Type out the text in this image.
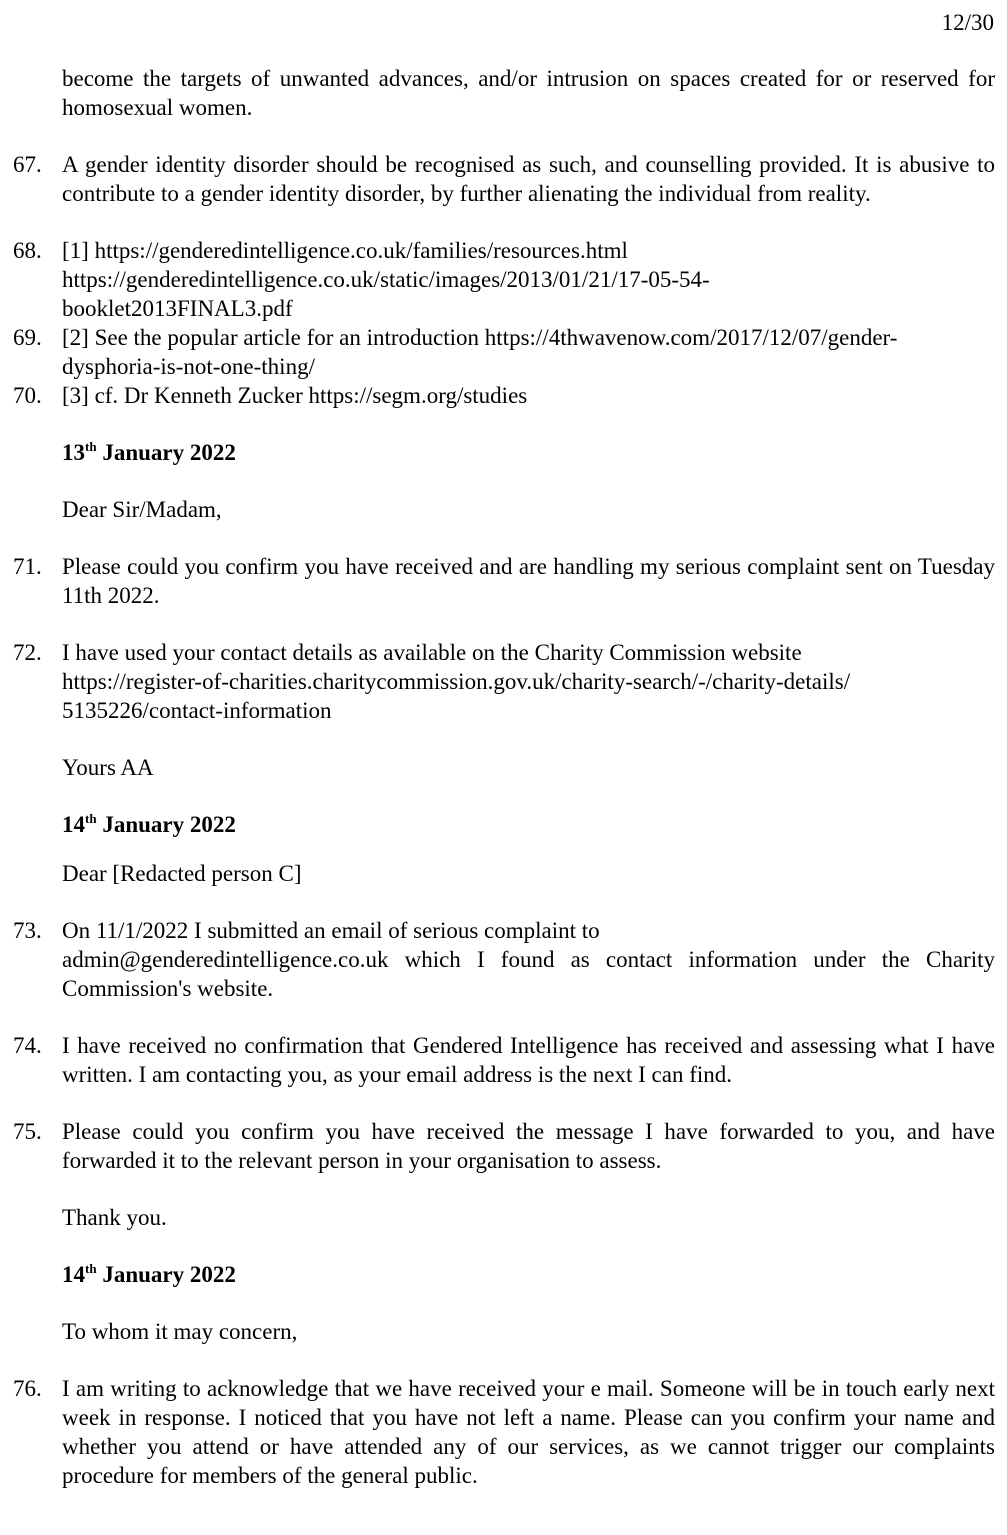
12/30

become the targets of unwanted advances, and/or intrusion on spaces created for or reserved for homosexual women.

67. A gender identity disorder should be recognised as such, and counselling provided. It is abusive to contribute to a gender identity disorder, by further alienating the individual from reality.
68. [1] https://genderedintelligence.co.uk/families/resources.html
https://genderedintelligence.co.uk/static/images/2013/01/21/17-05-54-
booklet2013FINAL3.pdf
69. [2] See the popular article for an introduction https://4thwavenow.com/2017/12/07/gender-dysphoria-is-not-one-thing/
70. [3] cf. Dr Kenneth Zucker https://segm.org/studies

13th January 2022

Dear Sir/Madam,

71. Please could you confirm you have received and are handling my serious complaint sent on Tuesday 11th 2022.
72. I have used your contact details as available on the Charity Commission website
https://register-of-charities.charitycommission.gov.uk/charity-search/-/charity-details/
5135226/contact-information

Yours AA

14th January 2022

Dear [Redacted person C]

73. On 11/1/2022 I submitted an email of serious complaint to
admin@genderedintelligence.co.uk which I found as contact information under the Charity Commission's website.
74. I have received no confirmation that Gendered Intelligence has received and assessing what I have written. I am contacting you, as your email address is the next I can find.
75. Please could you confirm you have received the message I have forwarded to you, and have forwarded it to the relevant person in your organisation to assess.

Thank you.

14th January 2022

To whom it may concern,

76. I am writing to acknowledge that we have received your e mail. Someone will be in touch early next week in response. I noticed that you have not left a name. Please can you confirm your name and whether you attend or have attended any of our services, as we cannot trigger our complaints procedure for members of the general public.
